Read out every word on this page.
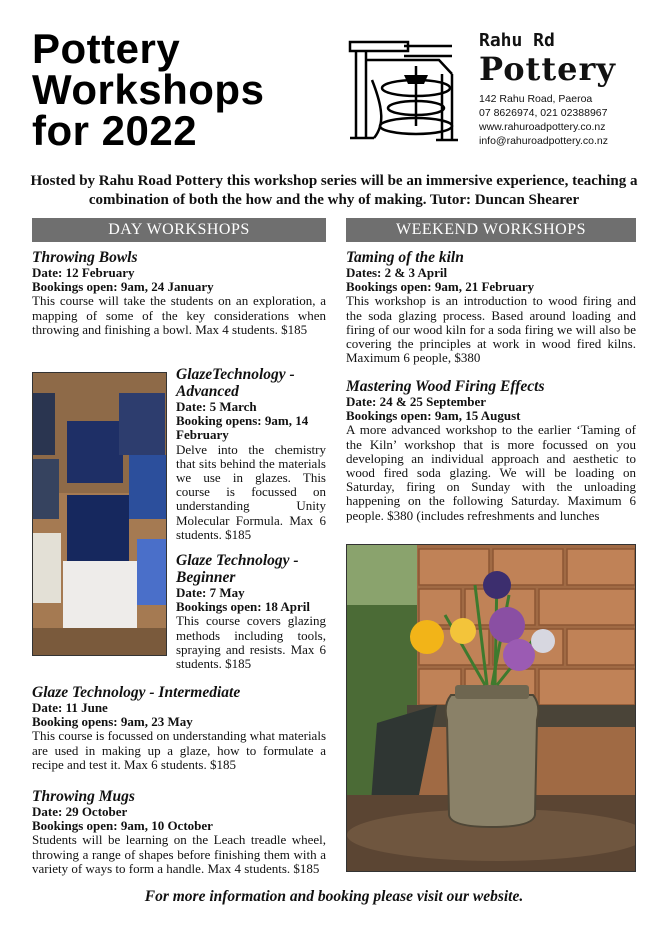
Pottery
Workshops
for 2022
Rahu Rd
Pottery
142 Rahu Road, Paeroa
07 8626974, 021 02388967
www.rahuroadpottery.co.nz
info@rahuroadpottery.co.nz
Hosted by Rahu Road Pottery this workshop series will be an immersive experience, teaching a combination of both the how and the why of making. Tutor: Duncan Shearer
DAY WORKSHOPS	WEEKEND WORKSHOPS
Throwing Bowls
Date: 12 February
Bookings open: 9am, 24 January
This course will take the students on an exploration, a mapping of some of the key considerations when throwing and finishing a bowl. Max 4 students. $185
GlazeTechnology - Advanced
Date: 5 March
Booking opens: 9am, 14 February
Delve into the chemistry that sits behind the materials we use in glazes. This course is focussed on understanding Unity Molecular Formula. Max 6 students. $185
Glaze Technology - Beginner
Date: 7 May
Bookings open: 18 April
This course covers glazing methods including tools, spraying and resists. Max 6 students. $185
Glaze Technology - Intermediate
Date: 11 June
Booking opens: 9am, 23 May
This course is focussed on understanding what materials are used in making up a glaze, how to formulate a recipe and test it. Max 6 students. $185
Throwing Mugs
Date: 29 October
Bookings open: 9am, 10 October
Students will be learning on the Leach treadle wheel, throwing a range of shapes before finishing them with a variety of ways to form a handle. Max 4 students. $185
Taming of the kiln
Dates: 2 & 3 April
Bookings open: 9am, 21 February
This workshop is an introduction to wood firing and the soda glazing process. Based around loading and firing of our wood kiln for a soda firing we will also be covering the principles at work in wood fired kilns. Maximum 6 people, $380
Mastering Wood Firing Effects
Date: 24 & 25 September
Bookings open: 9am, 15 August
A more advanced workshop to the earlier ‘Taming of the Kiln’ workshop that is more focussed on you developing an individual approach and aesthetic to wood fired soda glazing. We will be loading on Saturday, firing on Sunday with the unloading happening on the following Saturday. Maximum 6 people. $380 (includes refreshments and lunches
For more information and booking please visit our website.
